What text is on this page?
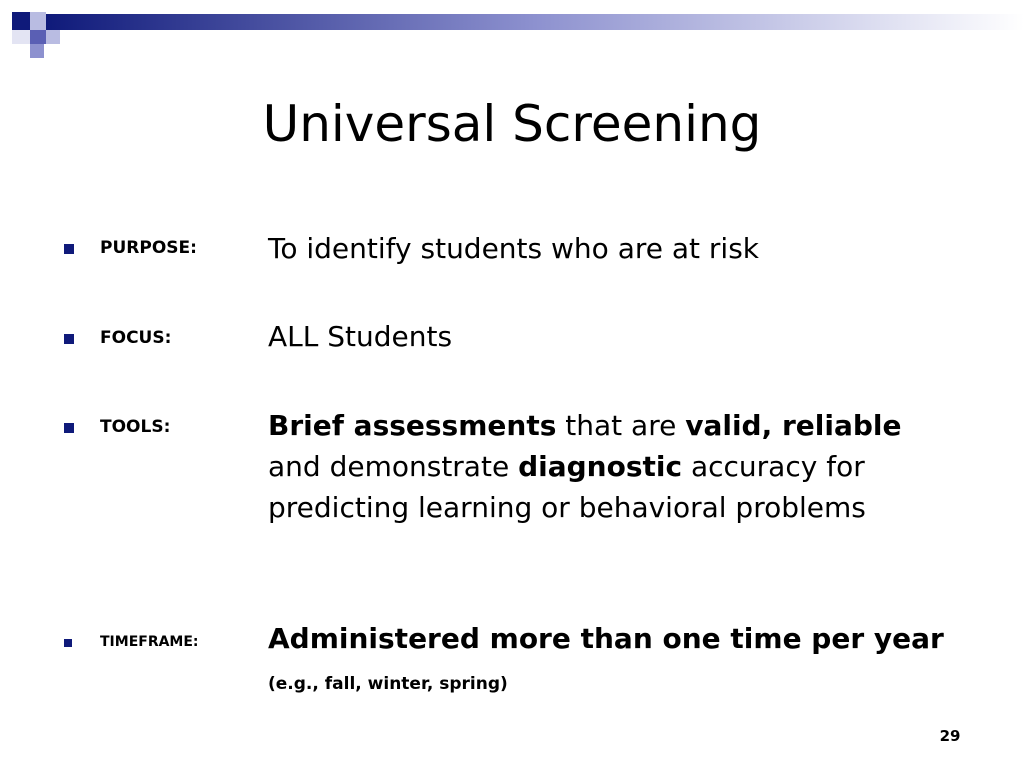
Universal Screening
PURPOSE:	To identify students who are at risk
FOCUS:	ALL Students
TOOLS:	Brief assessments that are valid, reliable and demonstrate diagnostic accuracy for predicting learning or behavioral problems
TIMEFRAME: Administered more than one time per year (e.g., fall, winter, spring)
29
